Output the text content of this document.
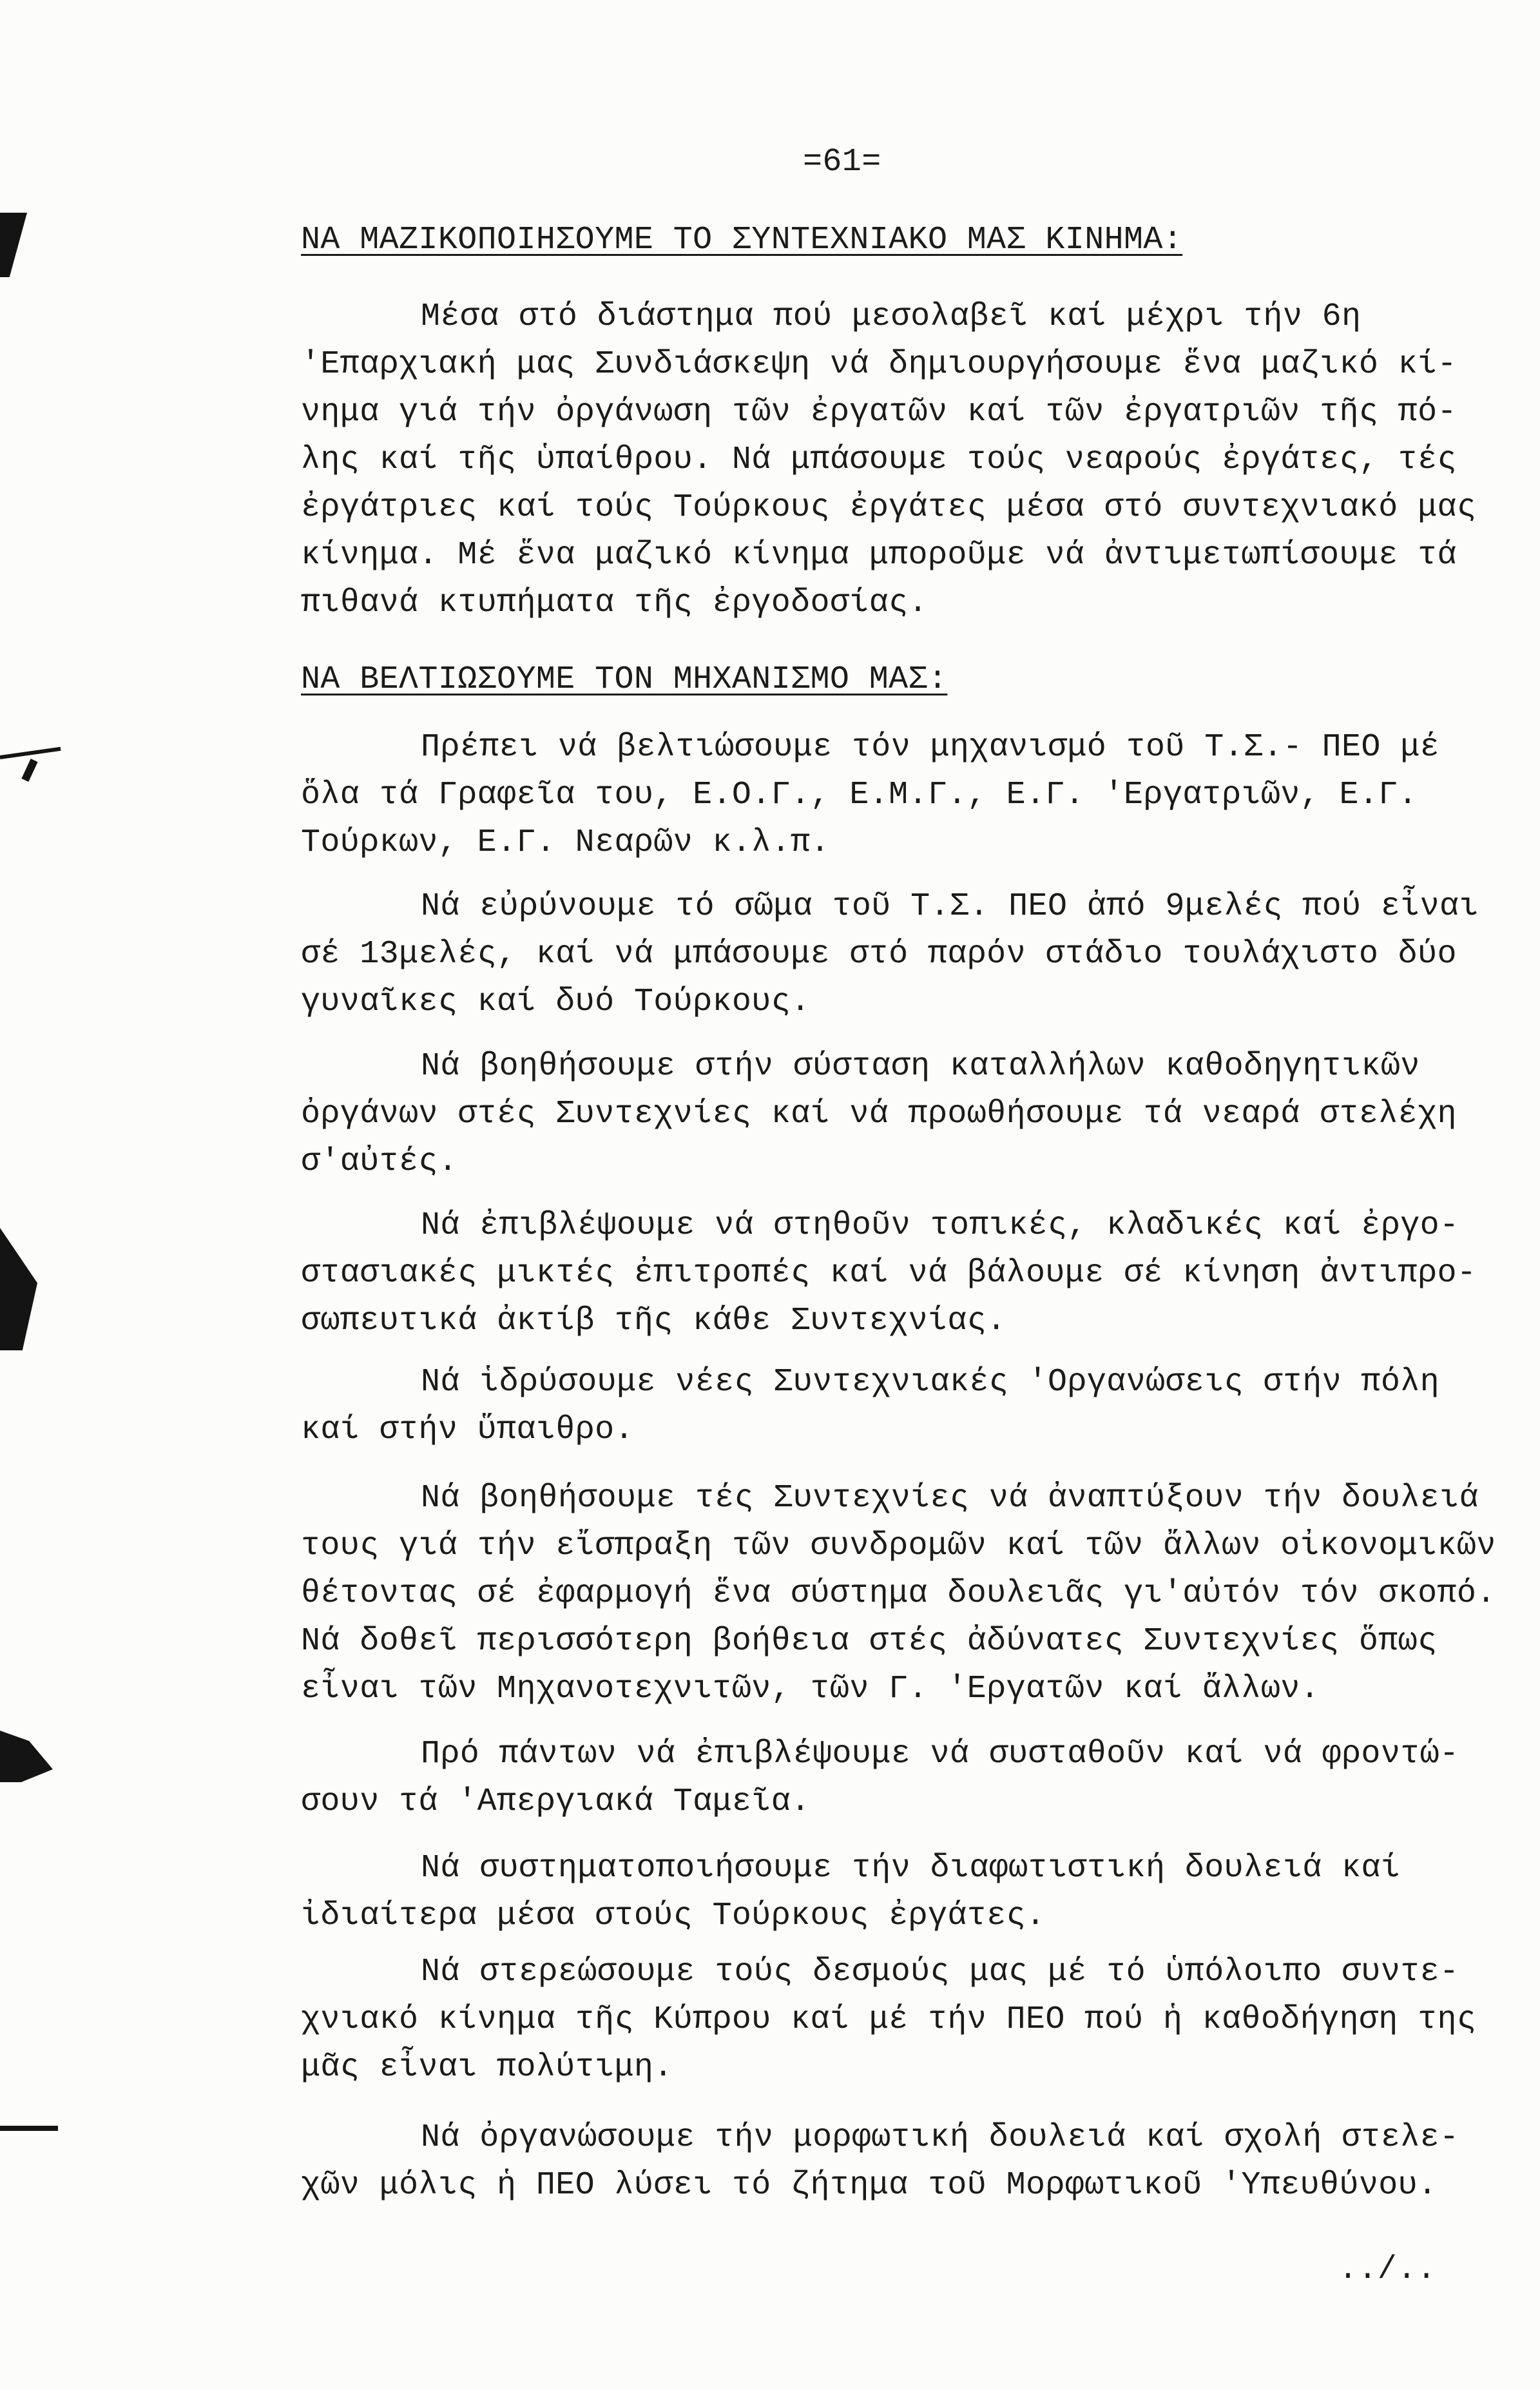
=61=
ΝΑ ΜΑΖΙΚΟΠΟΙΗΣΟΥΜΕ ΤΟ ΣΥΝΤΕΧΝΙΑΚΟ ΜΑΣ ΚΙΝΗΜΑ:
Μέσα στό διάστημα πού μεσολαβεῖ καί μέχρι τήν 6η
'Επαρχιακή μας Συνδιάσκεψη νά δημιουργήσουμε ἕνα μαζικό κί-
νημα γιά τήν ὀργάνωση τῶν ἐργατῶν καί τῶν ἐργατριῶν τῆς πό-
λης καί τῆς ὑπαίθρου. Νά μπάσουμε τούς νεαρούς ἐργάτες, τές
ἐργάτριες καί τούς Τούρκους ἐργάτες μέσα στό συντεχνιακό μας
κίνημα. Μέ ἕνα μαζικό κίνημα μποροῦμε νά ἀντιμετωπίσουμε τά
πιθανά κτυπήματα τῆς ἐργοδοσίας.
ΝΑ ΒΕΛΤΙΩΣΟΥΜΕ ΤΟΝ ΜΗΧΑΝΙΣΜΟ ΜΑΣ:
Πρέπει νά βελτιώσουμε τόν μηχανισμό τοῦ Τ.Σ.- ΠΕΟ μέ
ὅλα τά Γραφεῖα του, Ε.Ο.Γ., Ε.Μ.Γ., Ε.Γ. 'Εργατριῶν, Ε.Γ.
Τούρκων, Ε.Γ. Νεαρῶν κ.λ.π.
Νά εὐρύνουμε τό σῶμα τοῦ Τ.Σ. ΠΕΟ ἀπό 9μελές πού εἶναι
σέ 13μελές, καί νά μπάσουμε στό παρόν στάδιο τουλάχιστο δύο
γυναῖκες καί δυό Τούρκους.
Νά βοηθήσουμε στήν σύσταση καταλλήλων καθοδηγητικῶν
ὀργάνων στές Συντεχνίες καί νά προωθήσουμε τά νεαρά στελέχη
σ'αὐτές.
Νά ἐπιβλέψουμε νά στηθοῦν τοπικές, κλαδικές καί ἐργο-
στασιακές μικτές ἐπιτροπές καί νά βάλουμε σέ κίνηση ἀντιπρο-
σωπευτικά ἀκτίβ τῆς κάθε Συντεχνίας.
Νά ἱδρύσουμε νέες Συντεχνιακές 'Οργανώσεις στήν πόλη
καί στήν ὕπαιθρο.
Νά βοηθήσουμε τές Συντεχνίες νά ἀναπτύξουν τήν δουλειά
τους γιά τήν εἴσπραξη τῶν συνδρομῶν καί τῶν ἄλλων οἰκονομικῶν
θέτοντας σέ ἐφαρμογή ἕνα σύστημα δουλειᾶς γι'αὐτόν τόν σκοπό.
Νά δοθεῖ περισσότερη βοήθεια στές ἀδύνατες Συντεχνίες ὅπως
εἶναι τῶν Μηχανοτεχνιτῶν, τῶν Γ. 'Εργατῶν καί ἄλλων.
Πρό πάντων νά ἐπιβλέψουμε νά συσταθοῦν καί νά φροντώ-
σουν τά 'Απεργιακά Ταμεῖα.
Νά συστηματοποιήσουμε τήν διαφωτιστική δουλειά καί
ἰδιαίτερα μέσα στούς Τούρκους ἐργάτες.
Νά στερεώσουμε τούς δεσμούς μας μέ τό ὑπόλοιπο συντε-
χνιακό κίνημα τῆς Κύπρου καί μέ τήν ΠΕΟ πού ἡ καθοδήγηση της
μᾶς εἶναι πολύτιμη.
Νά ὀργανώσουμε τήν μορφωτική δουλειά καί σχολή στελε-
χῶν μόλις ἡ ΠΕΟ λύσει τό ζήτημα τοῦ Μορφωτικοῦ 'Υπευθύνου.
../..
